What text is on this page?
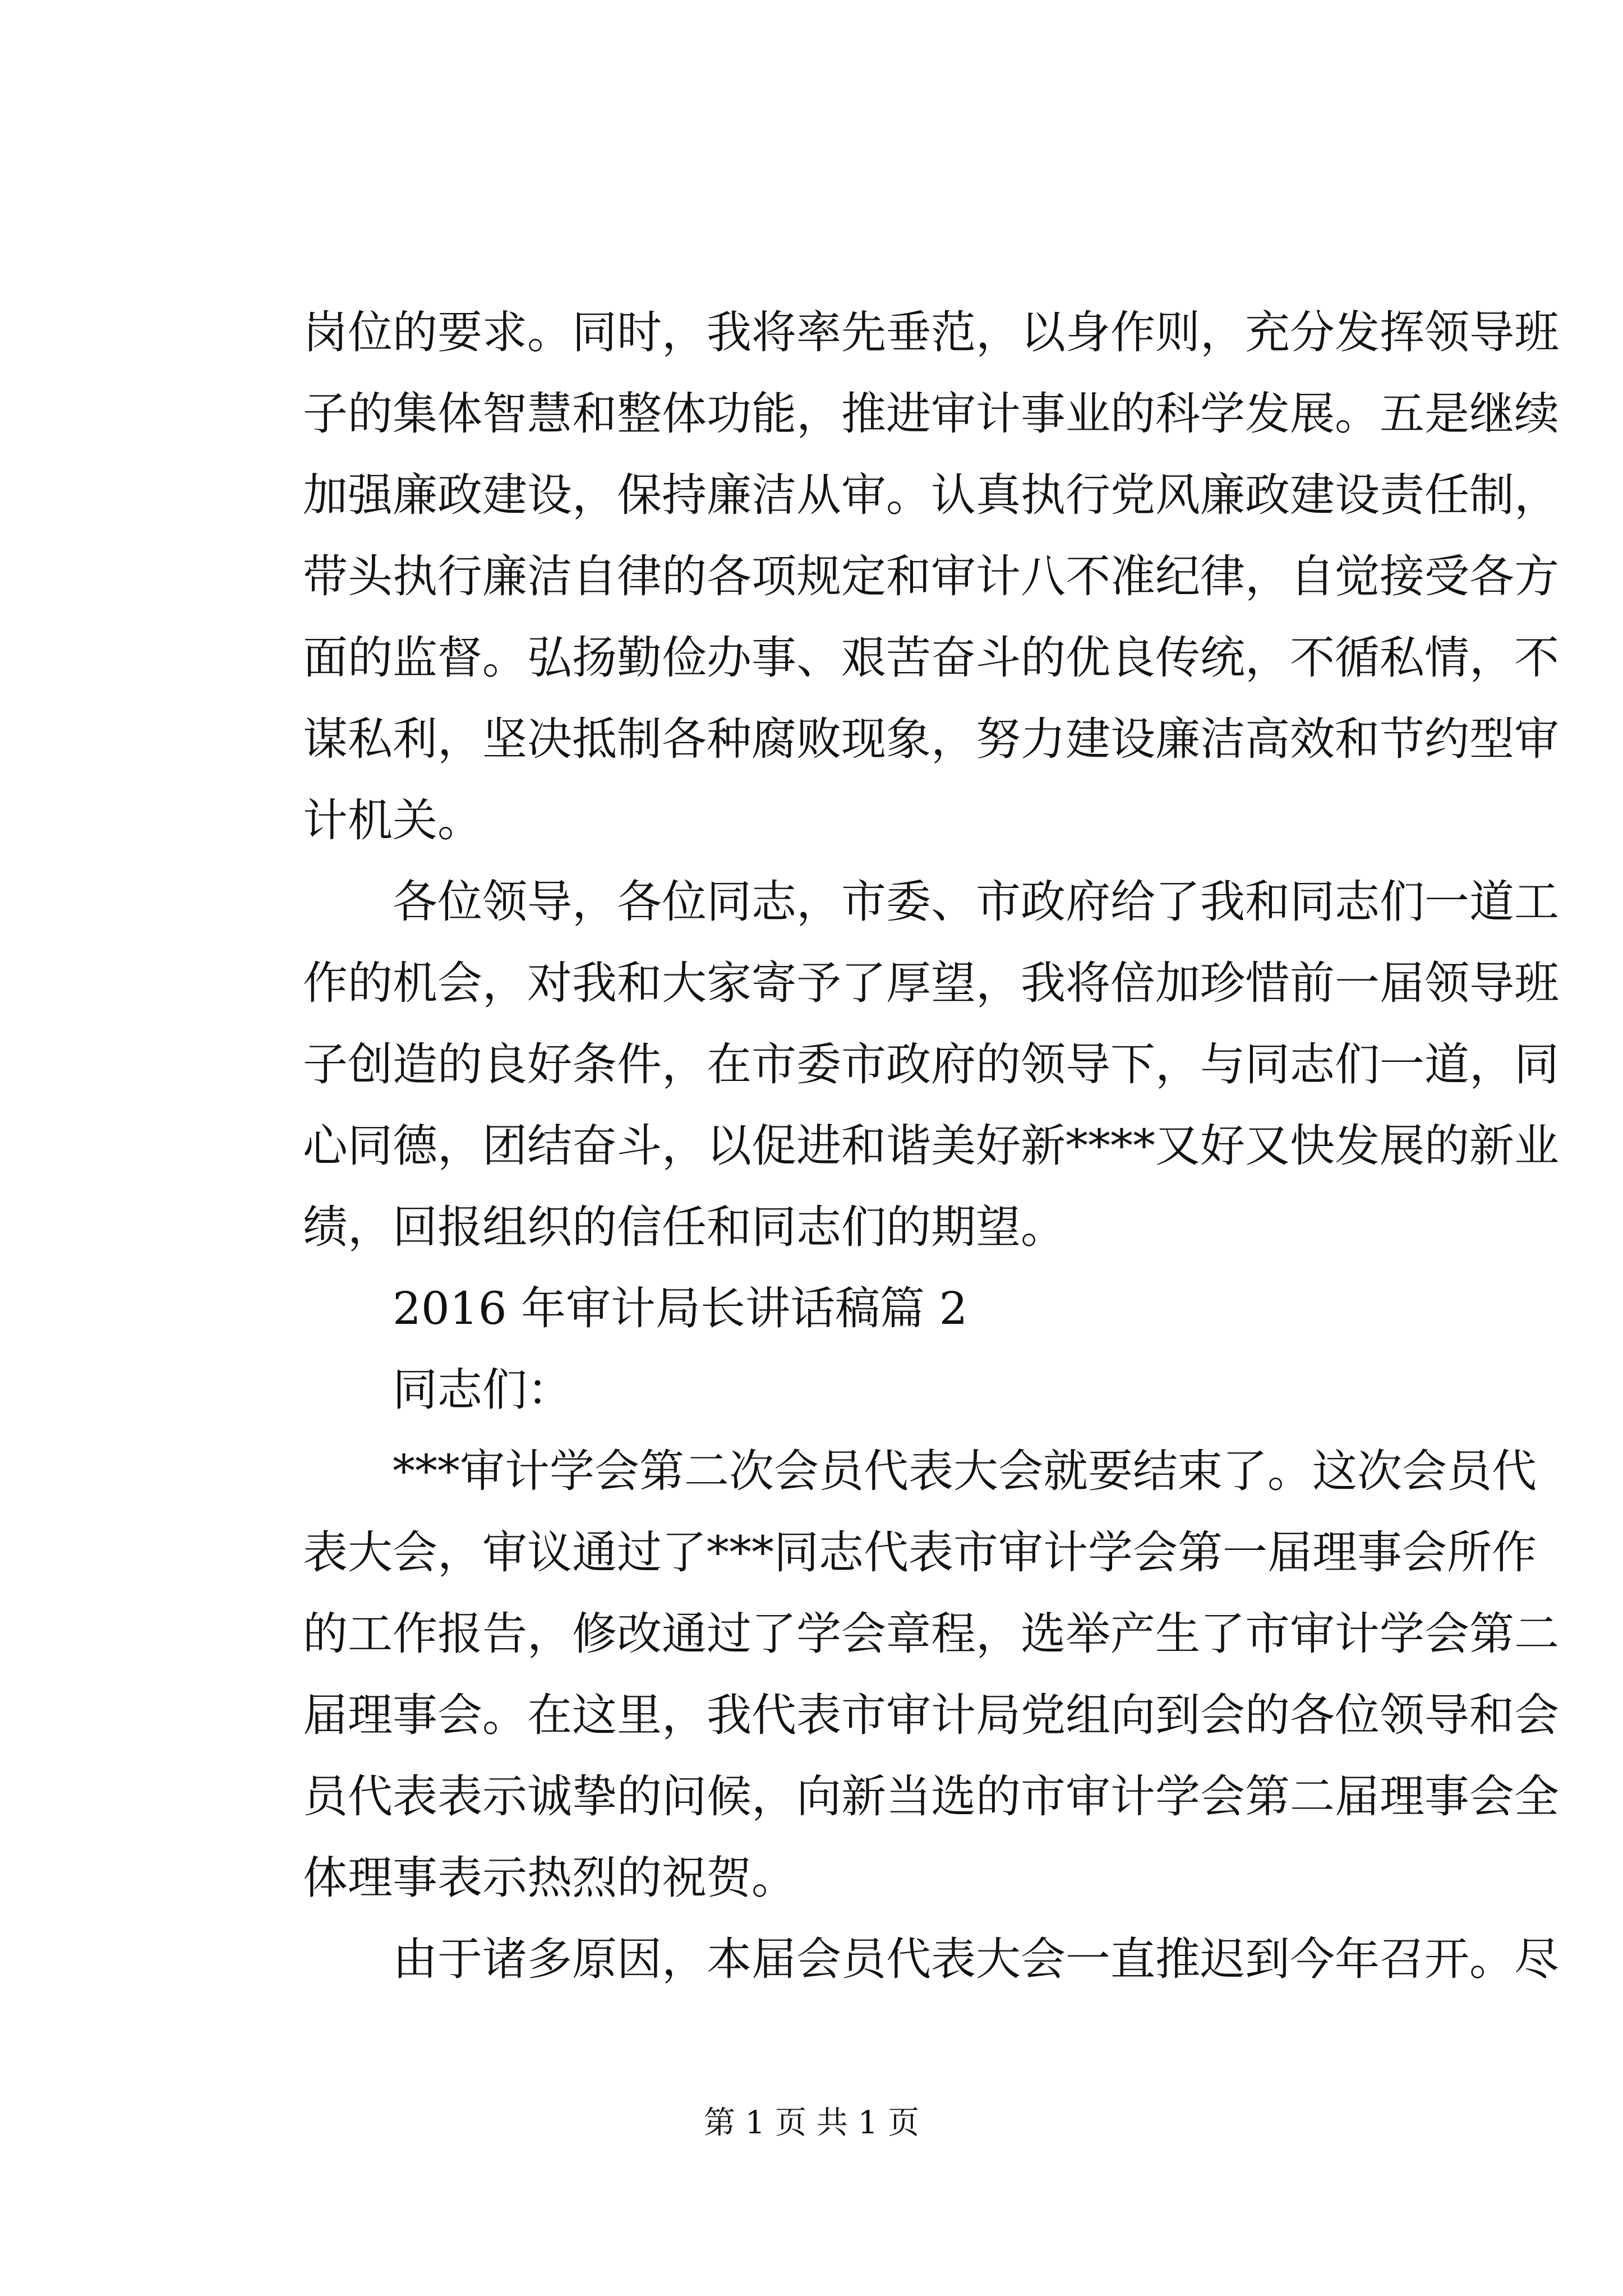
岗位的要求。同时，我将率先垂范，以身作则，充分发挥领导班
子的集体智慧和整体功能，推进审计事业的科学发展。五是继续
加强廉政建设，保持廉洁从审。认真执行党风廉政建设责任制，
带头执行廉洁自律的各项规定和审计八不准纪律，自觉接受各方
面的监督。弘扬勤俭办事、艰苦奋斗的优良传统，不循私情，不
谋私利，坚决抵制各种腐败现象，努力建设廉洁高效和节约型审
计机关。
各位领导，各位同志，市委、市政府给了我和同志们一道工
作的机会，对我和大家寄予了厚望，我将倍加珍惜前一届领导班
子创造的良好条件，在市委市政府的领导下，与同志们一道，同
心同德，团结奋斗，以促进和谐美好新****又好又快发展的新业
绩，回报组织的信任和同志们的期望。
2016 年审计局长讲话稿篇 2
同志们：
***审计学会第二次会员代表大会就要结束了。这次会员代
表大会，审议通过了***同志代表市审计学会第一届理事会所作
的工作报告，修改通过了学会章程，选举产生了市审计学会第二
届理事会。在这里，我代表市审计局党组向到会的各位领导和会
员代表表示诚挚的问候，向新当选的市审计学会第二届理事会全
体理事表示热烈的祝贺。
由于诸多原因，本届会员代表大会一直推迟到今年召开。尽
第 1 页 共 1 页
